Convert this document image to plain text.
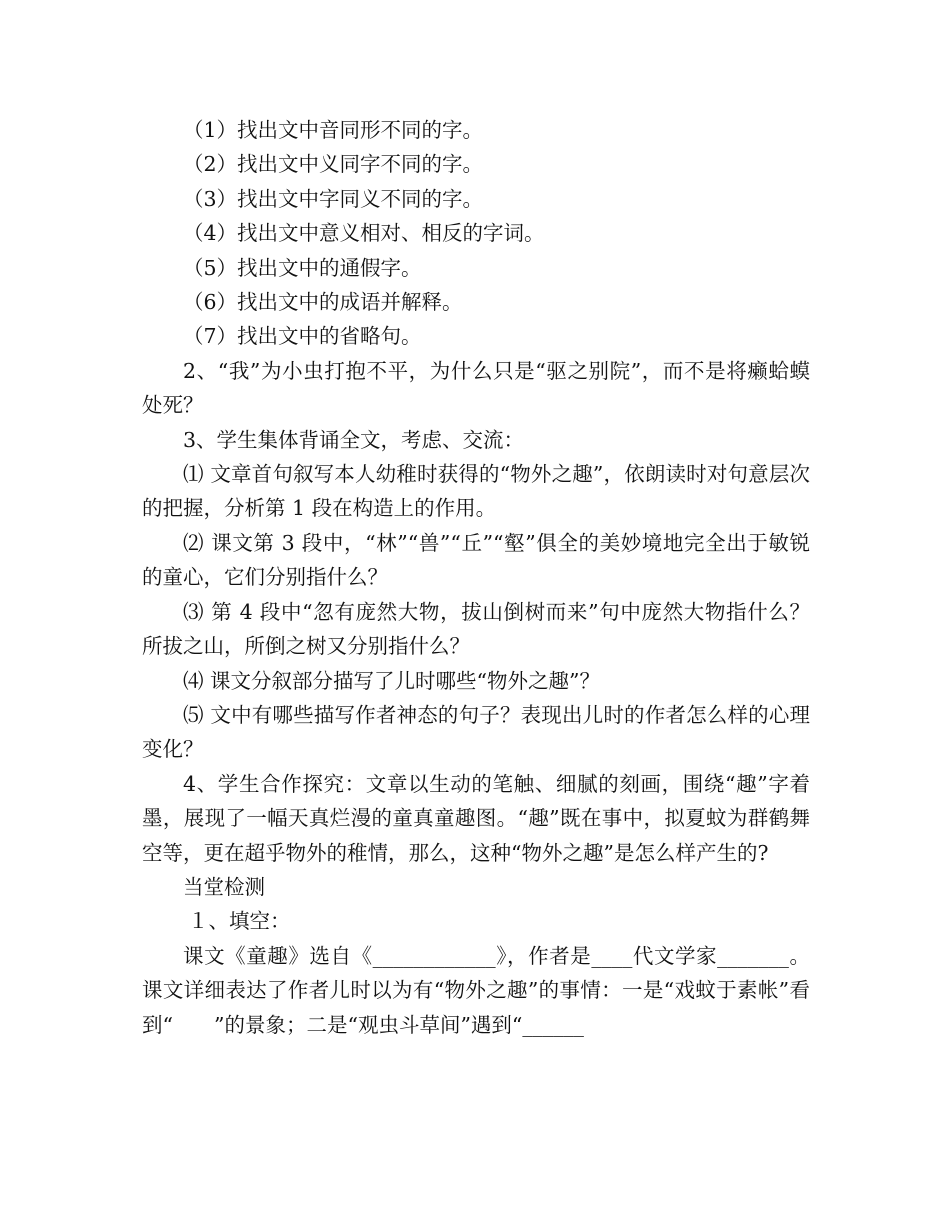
（1）找出文中音同形不同的字。

（2）找出文中义同字不同的字。

（3）找出文中字同义不同的字。

（4）找出文中意义相对、相反的字词。

（5）找出文中的通假字。

（6）找出文中的成语并解释。

（7）找出文中的省略句。

2、“我”为小虫打抱不平，为什么只是“驱之别院”，而不是将癞蛤蟆处死？

3、学生集体背诵全文，考虑、交流：

⑴ 文章首句叙写本人幼稚时获得的“物外之趣”，依朗读时对句意层次的把握，分析第 1 段在构造上的作用。

⑵ 课文第 3 段中，“林”“兽”“丘”“壑”俱全的美妙境地完全出于敏锐的童心，它们分别指什么？

⑶ 第 4 段中“忽有庞然大物，拔山倒树而来”句中庞然大物指什么？所拔之山，所倒之树又分别指什么？

⑷ 课文分叙部分描写了儿时哪些“物外之趣”？

⑸ 文中有哪些描写作者神态的句子？表现出儿时的作者怎么样的心理变化？

4、学生合作探究：文章以生动的笔触、细腻的刻画，围绕“趣”字着墨，展现了一幅天真烂漫的童真童趣图。“趣”既在事中，拟夏蚊为群鹤舞空等，更在超乎物外的稚情，那么，这种“物外之趣”是怎么样产生的?

当堂检测

１、填空：

课文《童趣》选自《____________》，作者是____代文学家_______。课文详细表达了作者儿时以为有“物外之趣”的事情：一是“戏蚊于素帐”看到“　　”的景象；二是“观虫斗草间”遇到“______
